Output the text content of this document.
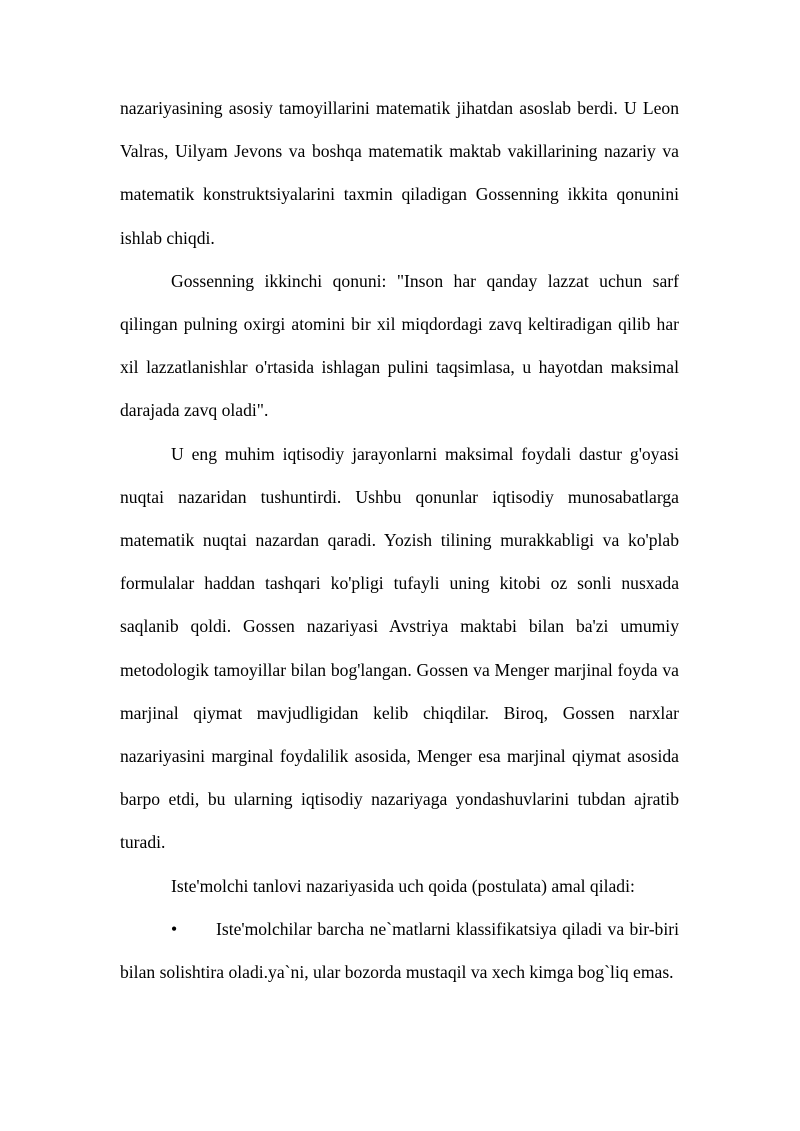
nazariyasining asosiy tamoyillarini matematik jihatdan asoslab berdi. U Leon Valras, Uilyam Jevons va boshqa matematik maktab vakillarining nazariy va matematik konstruktsiyalarini taxmin qiladigan Gossenning ikkita qonunini ishlab chiqdi.

Gossenning ikkinchi qonuni: "Inson har qanday lazzat uchun sarf qilingan pulning oxirgi atomini bir xil miqdordagi zavq keltiradigan qilib har xil lazzatlanishlar o'rtasida ishlagan pulini taqsimlasa, u hayotdan maksimal darajada zavq oladi".

U eng muhim iqtisodiy jarayonlarni maksimal foydali dastur g'oyasi nuqtai nazaridan tushuntirdi. Ushbu qonunlar iqtisodiy munosabatlarga matematik nuqtai nazardan qaradi. Yozish tilining murakkabligi va ko'plab formulalar haddan tashqari ko'pligi tufayli uning kitobi oz sonli nusxada saqlanib qoldi. Gossen nazariyasi Avstriya maktabi bilan ba'zi umumiy metodologik tamoyillar bilan bog'langan. Gossen va Menger marjinal foyda va marjinal qiymat mavjudligidan kelib chiqdilar. Biroq, Gossen narxlar nazariyasini marginal foydalilik asosida, Menger esa marjinal qiymat asosida barpo etdi, bu ularning iqtisodiy nazariyaga yondashuvlarini tubdan ajratib turadi.

Iste'molchi tanlovi nazariyasida uch qoida (postulata) amal qiladi:

• Iste'molchilar barcha ne`matlarni klassifikatsiya qiladi va bir-biri bilan solishtira oladi.ya`ni, ular bozorda mustaqil va xech kimga bog`liq emas.
